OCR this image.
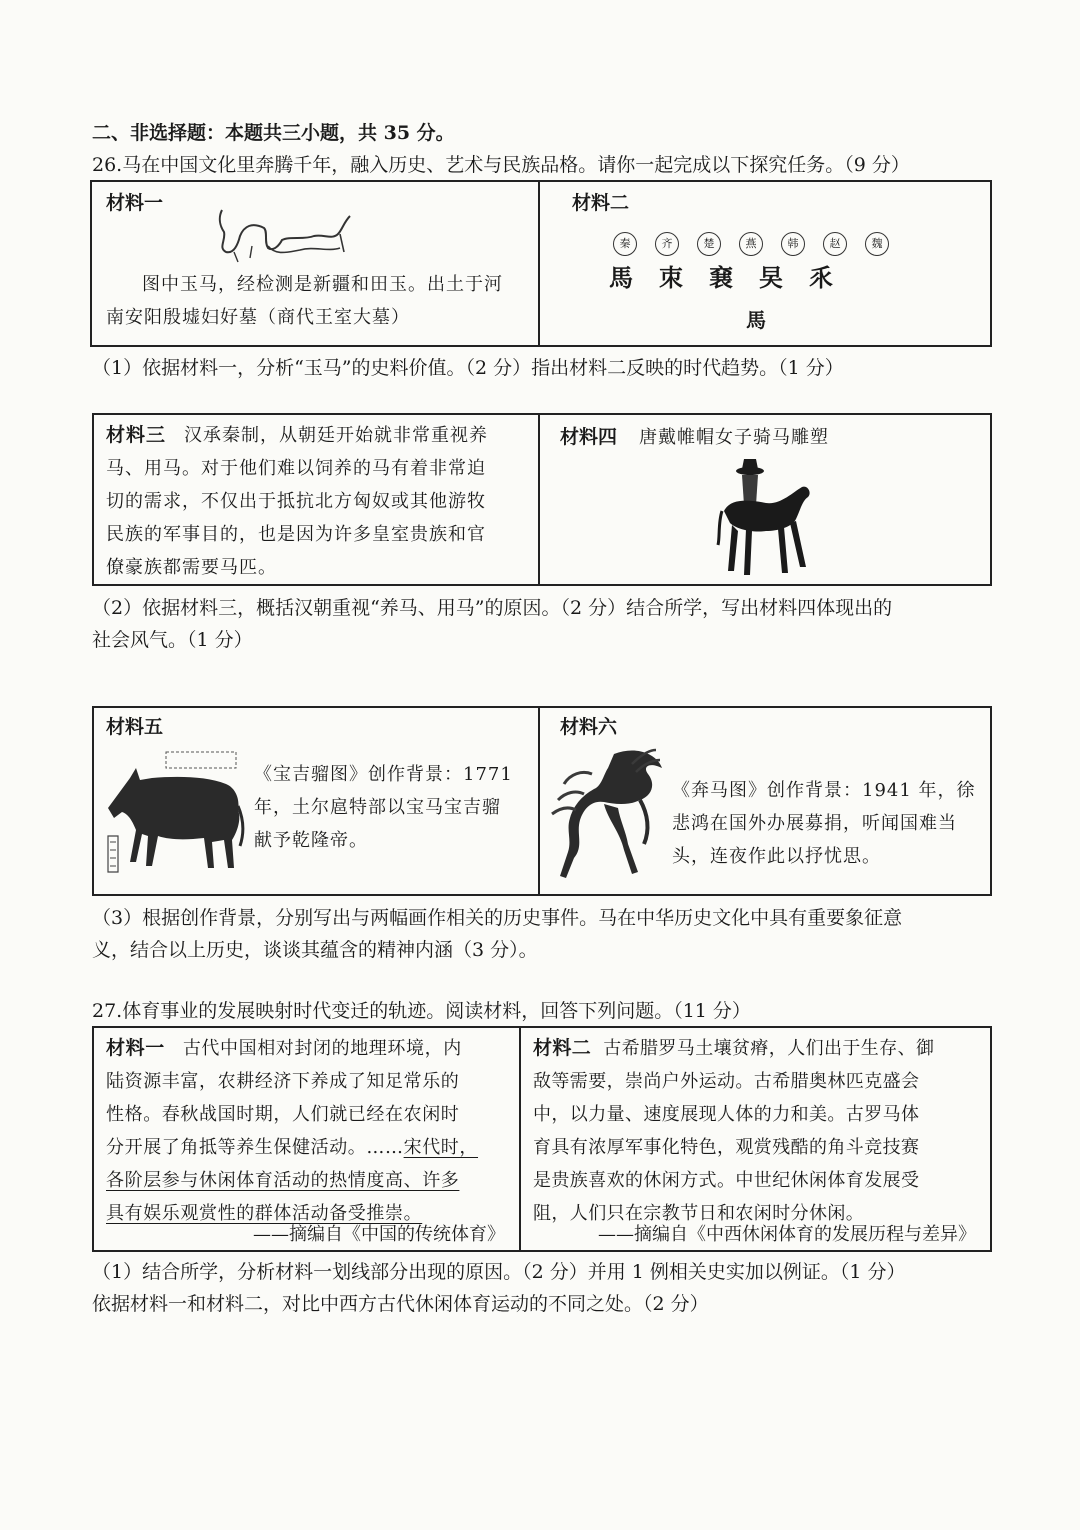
二、非选择题：本题共三小题，共 35 分。
26.马在中国文化里奔腾千年，融入历史、艺术与民族品格。请你一起完成以下探究任务。（9 分）
材料一
图中玉马，经检测是新疆和田玉。出土于河
南安阳殷墟妇好墓（商代王室大墓）
材料二
秦	齐	楚	燕	韩	赵	魏
馬	朿	㐮	旲	乑
馬
（1）依据材料一，分析“玉马”的史料价值。（2 分）指出材料二反映的时代趋势。（1 分）
材料三 汉承秦制，从朝廷开始就非常重视养
马、用马。对于他们难以饲养的马有着非常迫
切的需求，不仅出于抵抗北方匈奴或其他游牧
民族的军事目的，也是因为许多皇室贵族和官
僚豪族都需要马匹。
材料四 唐戴帷帽女子骑马雕塑
（2）依据材料三，概括汉朝重视“养马、用马”的原因。（2 分）结合所学，写出材料四体现出的
社会风气。（1 分）
材料五
《宝吉骝图》创作背景：1771
年，土尔扈特部以宝马宝吉骝
献予乾隆帝。
材料六
《奔马图》创作背景：1941 年，徐
悲鸿在国外办展募捐，听闻国难当
头，连夜作此以抒忧思。
（3）根据创作背景，分别写出与两幅画作相关的历史事件。马在中华历史文化中具有重要象征意
义，结合以上历史，谈谈其蕴含的精神内涵（3 分）。
27.体育事业的发展映射时代变迁的轨迹。阅读材料，回答下列问题。（11 分）
材料一 古代中国相对封闭的地理环境，内
陆资源丰富，农耕经济下养成了知足常乐的
性格。春秋战国时期，人们就已经在农闲时
分开展了角抵等养生保健活动。……宋代时，
各阶层参与休闲体育活动的热情度高、许多
具有娱乐观赏性的群体活动备受推崇。
——摘编自《中国的传统体育》
材料二 古希腊罗马土壤贫瘠，人们出于生存、御
敌等需要，崇尚户外运动。古希腊奥林匹克盛会
中，以力量、速度展现人体的力和美。古罗马体
育具有浓厚军事化特色，观赏残酷的角斗竞技赛
是贵族喜欢的休闲方式。中世纪休闲体育发展受
阻，人们只在宗教节日和农闲时分休闲。
——摘编自《中西休闲体育的发展历程与差异》
（1）结合所学，分析材料一划线部分出现的原因。（2 分）并用 1 例相关史实加以例证。（1 分）
依据材料一和材料二，对比中西方古代休闲体育运动的不同之处。（2 分）
